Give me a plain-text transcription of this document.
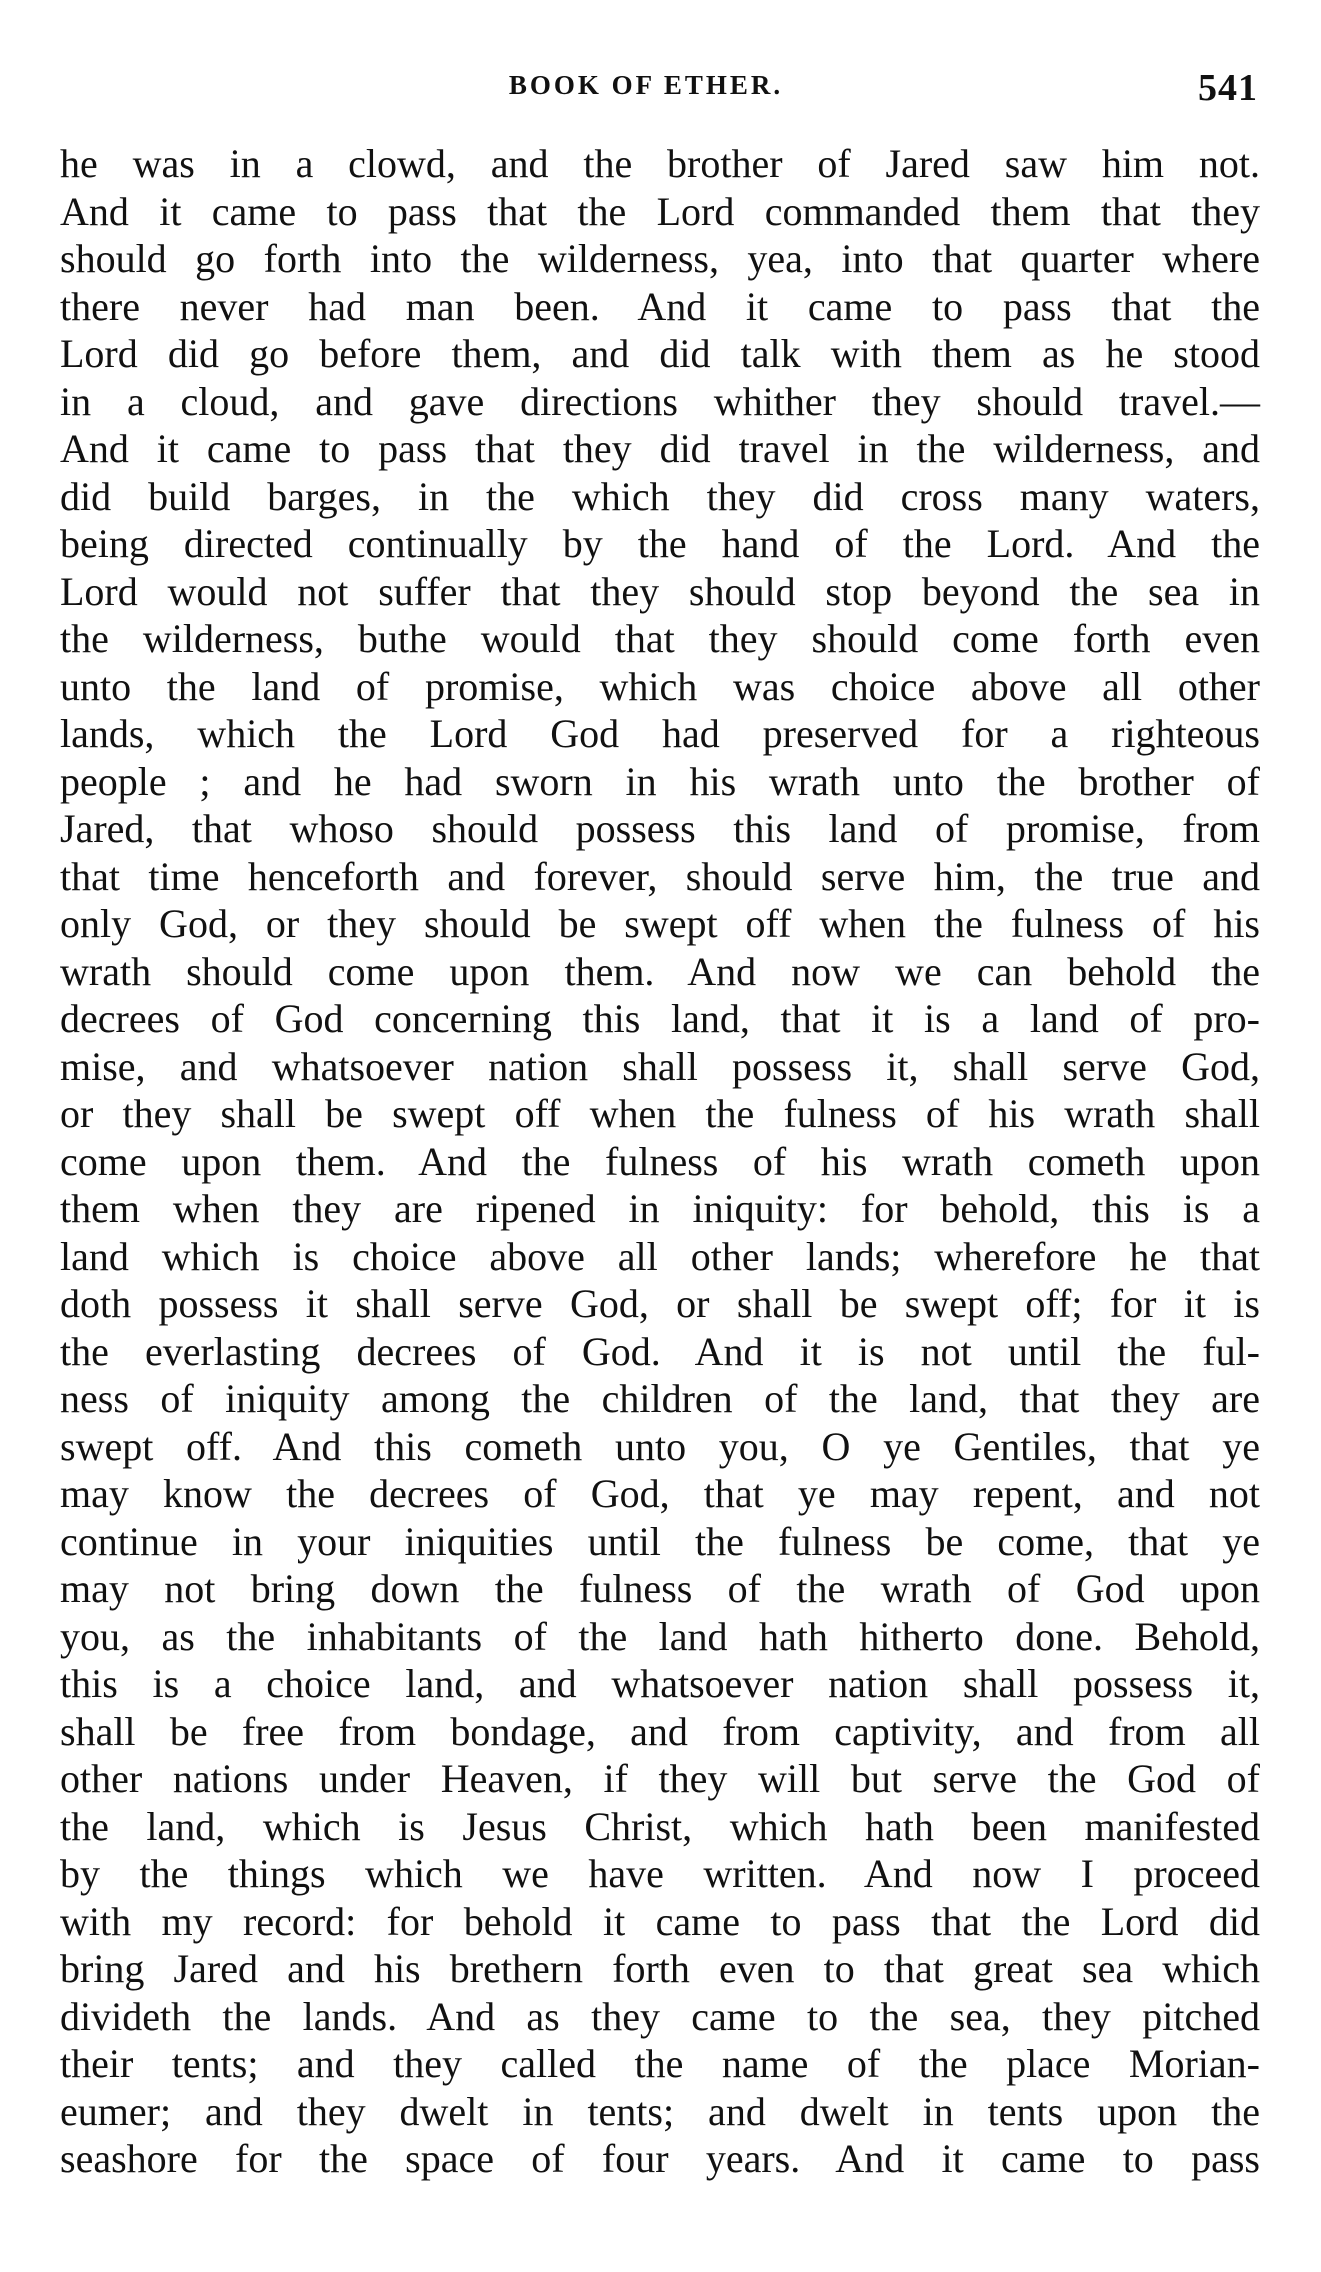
BOOK OF ETHER.	541
he was in a clowd, and the brother of Jared saw him not.
And it came to pass that the Lord commanded them that they
should go forth into the wilderness, yea, into that quarter where
there never had man been. And it came to pass that the
Lord did go before them, and did talk with them as he stood
in a cloud, and gave directions whither they should travel.—
And it came to pass that they did travel in the wilderness, and
did build barges, in the which they did cross many waters,
being directed continually by the hand of the Lord. And the
Lord would not suffer that they should stop beyond the sea in
the wilderness, buthe would that they should come forth even
unto the land of promise, which was choice above all other
lands, which the Lord God had preserved for a righteous
people ; and he had sworn in his wrath unto the brother of
Jared, that whoso should possess this land of promise, from
that time henceforth and forever, should serve him, the true and
only God, or they should be swept off when the fulness of his
wrath should come upon them. And now we can behold the
decrees of God concerning this land, that it is a land of pro-
mise, and whatsoever nation shall possess it, shall serve God,
or they shall be swept off when the fulness of his wrath shall
come upon them. And the fulness of his wrath cometh upon
them when they are ripened in iniquity: for behold, this is a
land which is choice above all other lands; wherefore he that
doth possess it shall serve God, or shall be swept off; for it is
the everlasting decrees of God. And it is not until the ful-
ness of iniquity among the children of the land, that they are
swept off. And this cometh unto you, O ye Gentiles, that ye
may know the decrees of God, that ye may repent, and not
continue in your iniquities until the fulness be come, that ye
may not bring down the fulness of the wrath of God upon
you, as the inhabitants of the land hath hitherto done. Behold,
this is a choice land, and whatsoever nation shall possess it,
shall be free from bondage, and from captivity, and from all
other nations under Heaven, if they will but serve the God of
the land, which is Jesus Christ, which hath been manifested
by the things which we have written. And now I proceed
with my record: for behold it came to pass that the Lord did
bring Jared and his brethern forth even to that great sea which
divideth the lands. And as they came to the sea, they pitched
their tents; and they called the name of the place Morian-
eumer; and they dwelt in tents; and dwelt in tents upon the
seashore for the space of four years. And it came to pass
